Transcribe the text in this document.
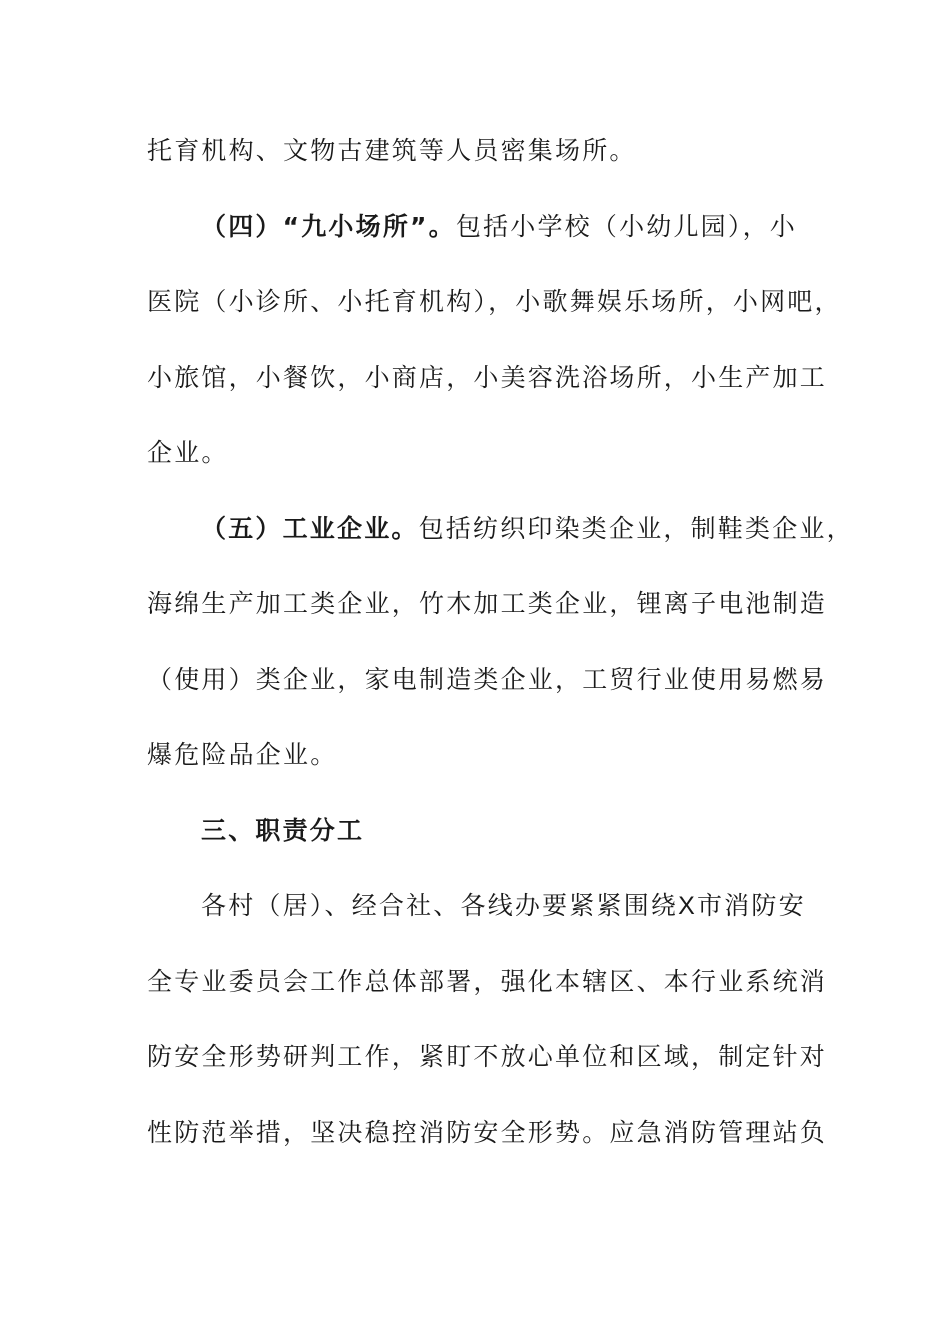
托育机构、文物古建筑等人员密集场所。
（四）“九小场所”。包括小学校（小幼儿园），小
医院（小诊所、小托育机构），小歌舞娱乐场所，小网吧，
小旅馆，小餐饮，小商店，小美容洗浴场所，小生产加工
企业。
（五）工业企业。包括纺织印染类企业，制鞋类企业，
海绵生产加工类企业，竹木加工类企业，锂离子电池制造
（使用）类企业，家电制造类企业，工贸行业使用易燃易
爆危险品企业。
三、职责分工
各村（居）、经合社、各线办要紧紧围绕X市消防安
全专业委员会工作总体部署，强化本辖区、本行业系统消
防安全形势研判工作，紧盯不放心单位和区域，制定针对
性防范举措，坚决稳控消防安全形势。应急消防管理站负
